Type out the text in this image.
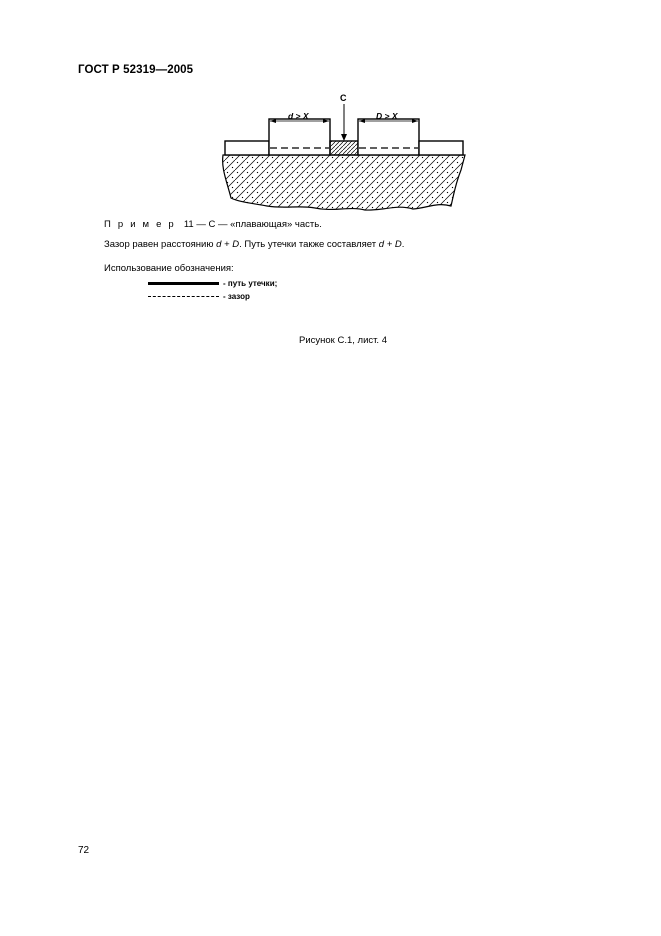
ГОСТ Р 52319—2005
C
d > X	D > X
П р и м е р 11 — C — «плавающая» часть.
Зазор равен расстоянию d + D. Путь утечки также составляет d + D.
Использование обозначения:
- путь утечки;
- зазор
Рисунок С.1, лист. 4
72
